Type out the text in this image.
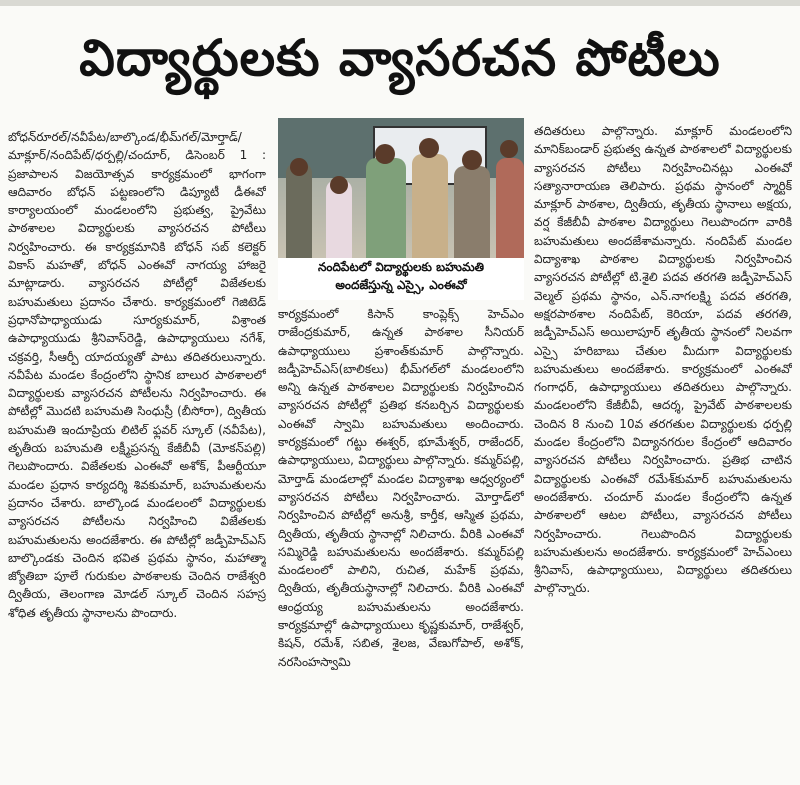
విద్యార్థులకు వ్యాసరచన పోటీలు
బోధన్‌రూరల్‌/నవీపేట/బాల్కొండ/భీమ్‌గల్‌/మోర్తాడ్‌/మాక్లూర్‌/నందిపేట్‌/ధర్పల్లి/చందూర్‌, డిసెంబర్‌ 1 : ప్రజాపాలన విజయోత్సవ కార్యక్రమంలో భాగంగా ఆదివారం బోధన్‌ పట్టణంలోని డిప్యూటీ డీఈవో కార్యాలయంలో మండలంలోని ప్రభుత్వ, ప్రైవేటు పాఠశాలల విద్యార్థులకు వ్యాసరచన పోటీలు నిర్వహించారు. ఈ కార్యక్రమానికి బోధన్‌ సబ్‌ కలెక్టర్‌ వికాస్‌ మహతో, బోధన్‌ ఎంఈవో నాగయ్య హాజరై మాట్లాడారు. వ్యాసరచన పోటీల్లో విజేతలకు బహుమతులు ప్రదానం చేశారు. కార్యక్రమంలో గెజిటెడ్‌ ప్రధానోపాధ్యాయుడు సూర్యకుమార్‌, విశ్రాంత ఉపాధ్యాయుడు శ్రీనివాస్‌రెడ్డి, ఉపాధ్యాయులు నగేశ్‌, చక్రవర్తి, సీఆర్పీ యాదయ్యతో పాటు తదితరులున్నారు. నవీపేట మండల కేంద్రంలోని స్థానిక బాలుర పాఠశాలలో విద్యార్థులకు వ్యాసరచన పోటీలను నిర్వహించారు. ఈ పోటీల్లో మొదటి బహుమతి సింధుస్రీ (బీసోరా), ద్వితీయ బహుమతి ఇందూప్రియ లిటిల్‌ ఫ్లవర్‌ స్కూల్‌ (నవీపేట), తృతీయ బహుమతి లక్ష్మీప్రసన్న కేజీబీవీ (మోకన్‌పల్లి) గెలుపొందారు. విజేతలకు ఎంఈవో అశోక్‌, పీఆర్టీయూ మండల ప్రధాన కార్యదర్శి శివకుమార్‌, బహుమతులను ప్రదానం చేశారు. బాల్కొండ మండలంలో విద్యార్థులకు వ్యాసరచన పోటీలను నిర్వహించి విజేతలకు బహుమతులను అందజేశారు. ఈ పోటీల్లో జడ్పీహెచ్‌ఎస్‌ బాల్కొండకు చెందిన భవిత ప్రథమ స్థానం, మహాత్మా జ్యోతిబా పూలే గురుకుల పాఠశాలకు చెందిన రాజేశ్వరి ద్వితీయ, తెలంగాణ మోడల్‌ స్కూల్‌ చెందిన సహస్ర శోధిత తృతీయ స్థానాలను పొందారు.
నందిపేటలో విద్యార్థులకు బహుమతి
అందజేస్తున్న ఎస్సై, ఎంఈవో
కార్యక్రమంలో కిసాన్‌ కాంప్లెక్స్‌ హెచ్‌ఎం రాజేంద్రకుమార్‌, ఉన్నత పాఠశాల సీనియర్‌ ఉపాధ్యాయులు ప్రశాంత్‌కుమార్‌ పాల్గొన్నారు. జడ్పీహెచ్‌ఎస్‌(బాలికలు) భీమ్‌గల్‌లో మండలంలోని అన్ని ఉన్నత పాఠశాలల విద్యార్థులకు నిర్వహించిన వ్యాసరచన పోటీల్లో ప్రతిభ కనబర్చిన విద్యార్థులకు ఎంఈవో స్వామి బహుమతులు అందించారు. కార్యక్రమంలో గట్టు ఈశ్వర్‌, భూమేశ్వర్‌, రాజేందర్‌, ఉపాధ్యాయులు, విద్యార్థులు పాల్గొన్నారు. కమ్మర్‌పల్లి, మోర్తాడ్‌ మండలాల్లో మండల విద్యాశాఖ ఆధ్వర్యంలో వ్యాసరచన పోటీలు నిర్వహించారు. మోర్తాడ్‌లో నిర్వహించిన పోటీల్లో అనుశ్రీ, కార్తీక, ఆస్మిత ప్రథమ, ద్వితీయ, తృతీయ స్థానాల్లో నిలిచారు. వీరికి ఎంఈవో సమ్మిరెడ్డి బహుమతులను అందజేశారు. కమ్మర్‌పల్లి మండలంలో పాలిని, రుచిత, మహేక్‌ ప్రథమ, ద్వితీయ, తృతీయస్థానాల్లో నిలిచారు. వీరికి ఎంఈవో ఆంధ్రయ్య బహుమతులను అందజేశారు. కార్యక్రమాల్లో ఉపాధ్యాయులు కృష్ణకుమార్‌, రాజేశ్వర్‌, కిషన్‌, రమేశ్‌, సబిత, శైలజ, వేణుగోపాల్‌, అశోక్‌, నరసింహస్వామి
తదితరులు పాల్గొన్నారు. మాక్లూర్‌ మండలంలోని మానిక్‌బండార్‌ ప్రభుత్వ ఉన్నత పాఠశాలలో విద్యార్థులకు వ్యాసరచన పోటీలు నిర్వహించినట్లు ఎంఈవో సత్యానారాయణ తెలిపారు. ప్రథమ స్థానంలో స్మార్టిక్‌ మాక్లూర్‌ పాఠశాల, ద్వితీయ, తృతీయ స్థానాలు అక్షయ, వర్ష కేజీబీవీ పాఠశాల విద్యార్థులు గెలుపొందగా వారికి బహుమతులు అందజేశామన్నారు. నందిపేట్‌ మండల విద్యాశాఖ పాఠశాల విద్యార్థులకు నిర్వహించిన వ్యాసరచన పోటీల్లో టి.శైలి పదవ తరగతి జడ్పీహెచ్‌ఎస్‌ వెల్మల్‌ ప్రథమ స్థానం, ఎన్‌.నాగలక్ష్మి పదవ తరగతి, అక్షరపాఠశాల నందిపేట్‌, కెరియా, పదవ తరగతి, జడ్పీహెచ్‌ఎస్‌ అయిలాపూర్‌ తృతీయ స్థానంలో నిలవగా ఎస్సై హరిబాబు చేతుల మీదుగా విద్యార్థులకు బహుమతులు అందజేశారు. కార్యక్రమంలో ఎంఈవో గంగాధర్‌, ఉపాధ్యాయులు తదితరులు పాల్గొన్నారు. మండలంలోని కేజీబీవీ, ఆదర్శ, ప్రైవేట్‌ పాఠశాలలకు చెందిన 8 నుంచి 10వ తరగతుల విద్యార్థులకు ధర్పల్లి మండల కేంద్రంలోని విద్యానగరుల కేంద్రంలో ఆదివారం వ్యాసరచన పోటీలు నిర్వహించారు. ప్రతిభ చాటిన విద్యార్థులకు ఎంఈవో రమేశ్‌కుమార్‌ బహుమతులను అందజేశారు. చందూర్‌ మండల కేంద్రంలోని ఉన్నత పాఠశాలలో ఆటల పోటీలు, వ్యాసరచన పోటీలు నిర్వహించారు. గెలుపొందిన విద్యార్థులకు బహుమతులను అందజేశారు. కార్యక్రమంలో హెచ్‌ఎంలు శ్రీనివాస్‌, ఉపాధ్యాయులు, విద్యార్థులు తదితరులు పాల్గొన్నారు.
